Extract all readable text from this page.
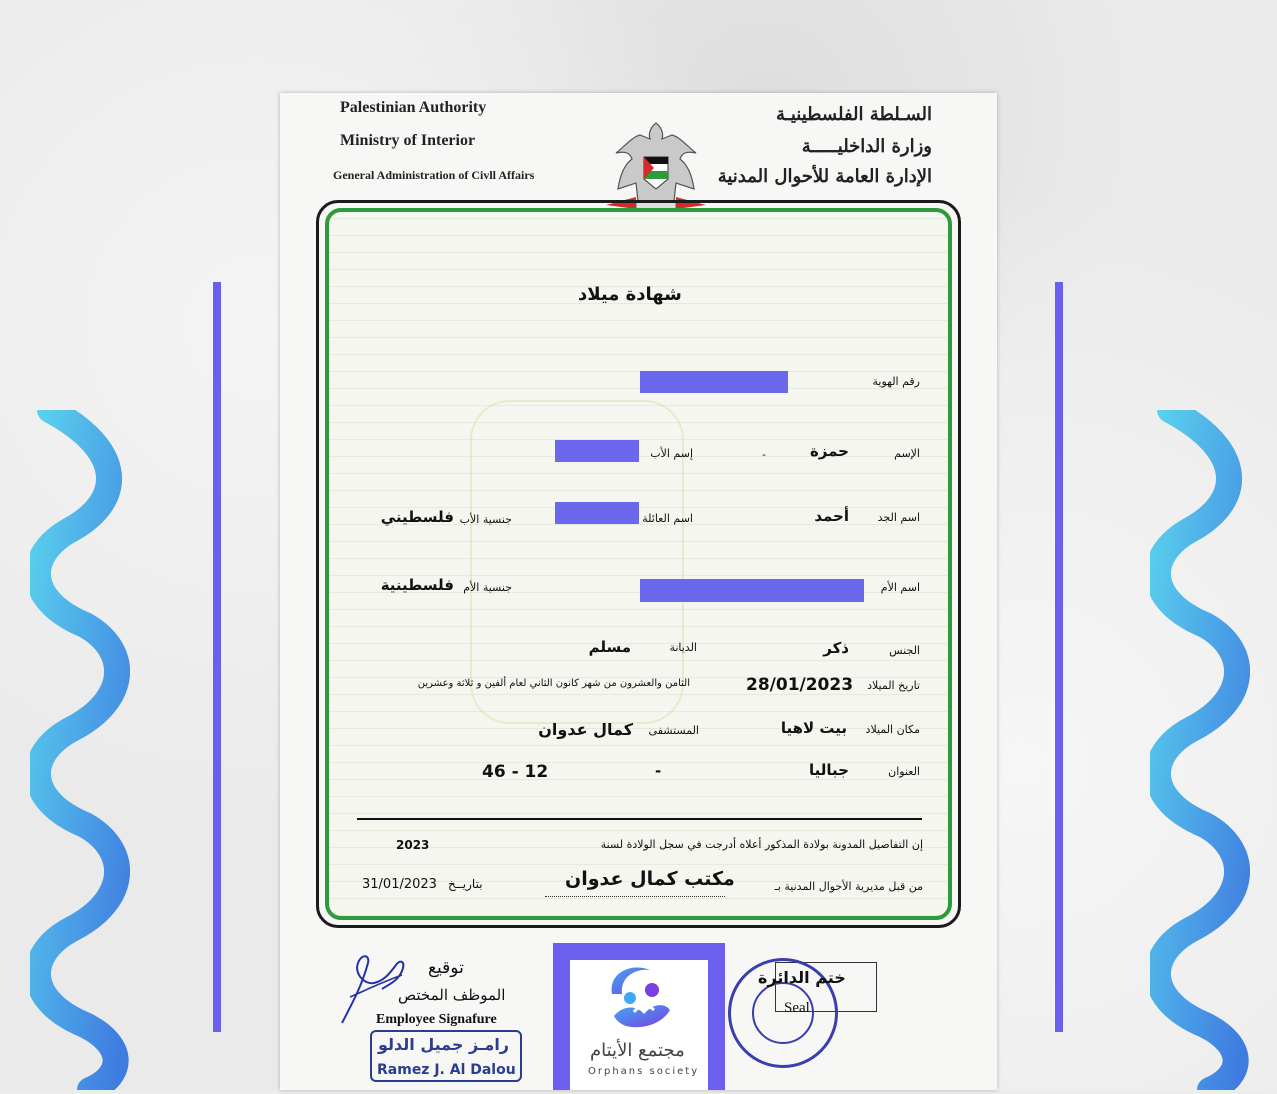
Palestinian Authority
Ministry of Interior
General Administration of Civll Affairs
السـلطة الفلسطينيـة
وزارة الداخليـــــة
الإدارة العامة للأحوال المدنية
شهادة ميلاد
رقم الهوية
الإسم
حمزة
-
إسم الأب
اسم الجد
أحمد
اسم العائلة
جنسية الأب
فلسطيني
اسم الأم
جنسية الأم
فلسطينية
الجنس
ذكر
الديانة
مسلم
تاريخ الميلاد
28/01/2023
الثامن والعشرون من شهر كانون الثاني لعام ألفين و ثلاثة وعشرين
مكان الميلاد
بيت لاهيا
المستشفى
كمال عدوان
العنوان
جباليا
-
46 - 12
إن التفاصيل المدونة بولادة المذكور أعلاه أدرجت في سجل الولادة لسنة
2023
من قبل مديرية الأحوال المدنية بـ
مكتب كمال عدوان
بتاريــخ
31/01/2023
توقيع
الموظف المختص
Employee Signafure
رامـز جميل الدلو
Ramez J. Al Dalou
ختم الدائرة
Seal
مجتمع الأيتام
Orphans society
